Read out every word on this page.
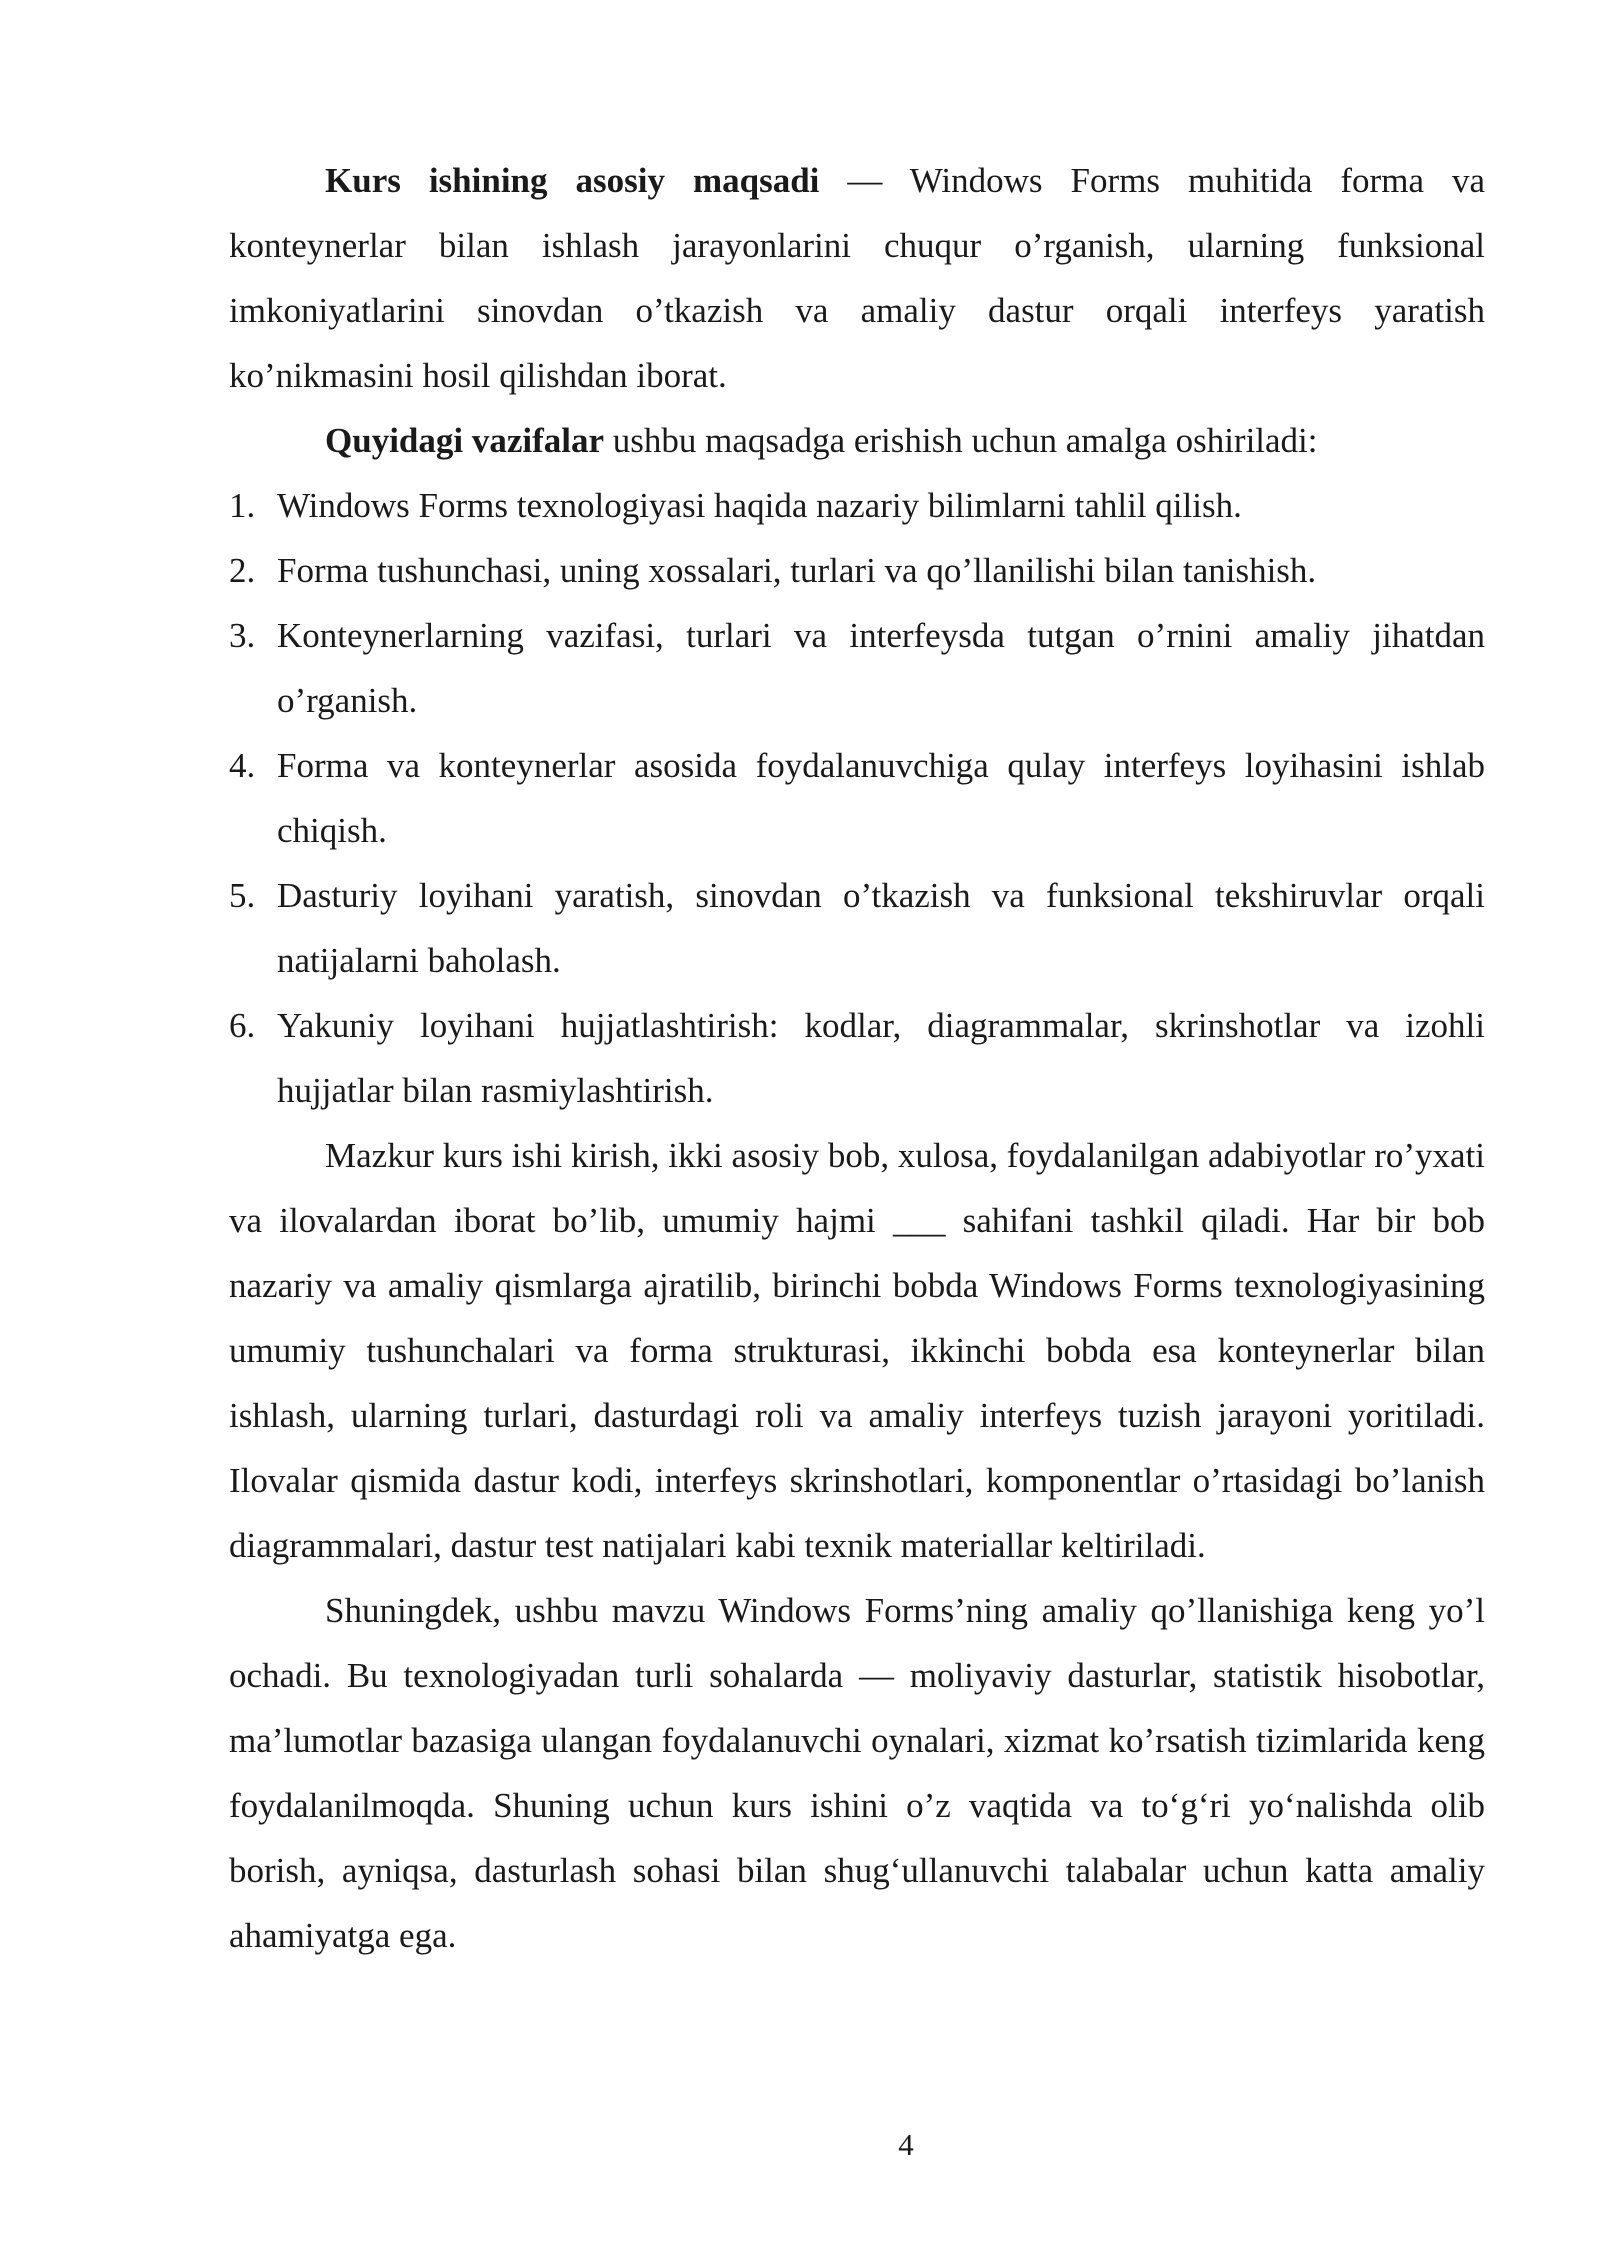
Kurs ishining asosiy maqsadi — Windows Forms muhitida forma va konteynerlar bilan ishlash jarayonlarini chuqur o’rganish, ularning funksional imkoniyatlarini sinovdan o’tkazish va amaliy dastur orqali interfeys yaratish ko’nikmasini hosil qilishdan iborat.

Quyidagi vazifalar ushbu maqsadga erishish uchun amalga oshiriladi:

1. Windows Forms texnologiyasi haqida nazariy bilimlarni tahlil qilish.
2. Forma tushunchasi, uning xossalari, turlari va qo’llanilishi bilan tanishish.
3. Konteynerlarning vazifasi, turlari va interfeysda tutgan o’rnini amaliy jihatdan o’rganish.
4. Forma va konteynerlar asosida foydalanuvchiga qulay interfeys loyihasini ishlab chiqish.
5. Dasturiy loyihani yaratish, sinovdan o’tkazish va funksional tekshiruvlar orqali natijalarni baholash.
6. Yakuniy loyihani hujjatlashtirish: kodlar, diagrammalar, skrinshotlar va izohli hujjatlar bilan rasmiylashtirish.

Mazkur kurs ishi kirish, ikki asosiy bob, xulosa, foydalanilgan adabiyotlar ro’yxati va ilovalardan iborat bo’lib, umumiy hajmi ___ sahifani tashkil qiladi. Har bir bob nazariy va amaliy qismlarga ajratilib, birinchi bobda Windows Forms texnologiyasining umumiy tushunchalari va forma strukturasi, ikkinchi bobda esa konteynerlar bilan ishlash, ularning turlari, dasturdagi roli va amaliy interfeys tuzish jarayoni yoritiladi. Ilovalar qismida dastur kodi, interfeys skrinshotlari, komponentlar o’rtasidagi bo’lanish diagrammalari, dastur test natijalari kabi texnik materiallar keltiriladi.

Shuningdek, ushbu mavzu Windows Forms’ning amaliy qo’llanishiga keng yo’l ochadi. Bu texnologiyadan turli sohalarda — moliyaviy dasturlar, statistik hisobotlar, ma’lumotlar bazasiga ulangan foydalanuvchi oynalari, xizmat ko’rsatish tizimlarida keng foydalanilmoqda. Shuning uchun kurs ishini o’z vaqtida va to‘g‘ri yo‘nalishda olib borish, ayniqsa, dasturlash sohasi bilan shug‘ullanuvchi talabalar uchun katta amaliy ahamiyatga ega.

4
